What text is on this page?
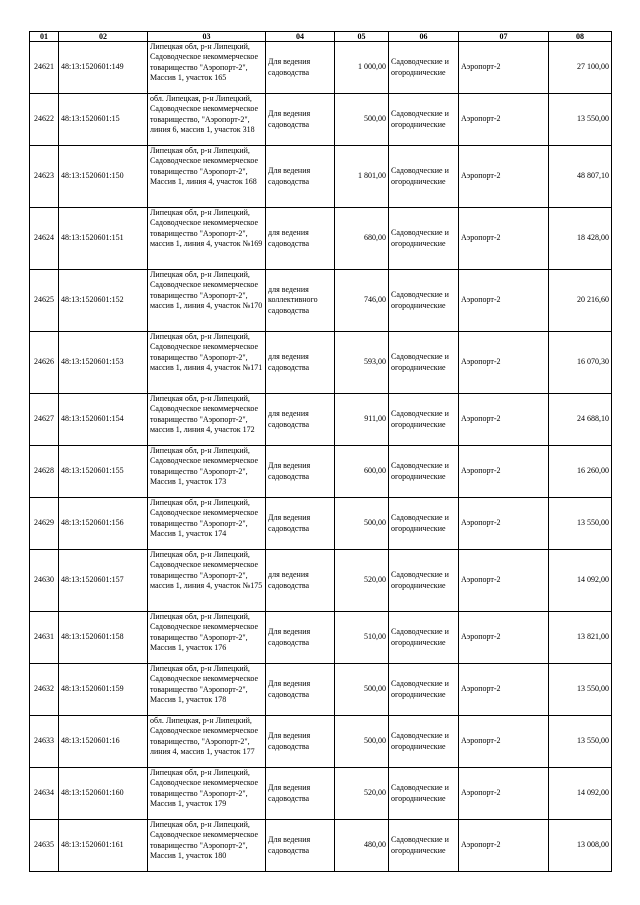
01	02	03	04	05	06	07	08
24621	48:13:1520601:149	Липецкая обл, р-н Липецкий, Садоводческое некоммерческое товарищество "Аэропорт-2", Массив 1, участок 165	Для ведения садоводства	1 000,00	Садоводческие и огороднические	Аэропорт-2	27 100,00
24622	48:13:1520601:15	обл. Липецкая, р-н Липецкий, Садоводческое некоммерческое товарищество, "Аэропорт-2", линия 6, массив 1, участок 318	Для ведения садоводства	500,00	Садоводческие и огороднические	Аэропорт-2	13 550,00
24623	48:13:1520601:150	Липецкая обл, р-н Липецкий, Садоводческое некоммерческое товарищество "Аэропорт-2", Массив 1, линия 4, участок 168	Для ведения садоводства	1 801,00	Садоводческие и огороднические	Аэропорт-2	48 807,10
24624	48:13:1520601:151	Липецкая обл, р-н Липецкий, Садоводческое некоммерческое товарищество "Аэропорт-2", массив 1, линия 4, участок №169	для ведения садоводства	680,00	Садоводческие и огороднические	Аэропорт-2	18 428,00
24625	48:13:1520601:152	Липецкая обл, р-н Липецкий, Садоводческое некоммерческое товарищество "Аэропорт-2", массив 1, линия 4, участок №170	для ведения коллективного садоводства	746,00	Садоводческие и огороднические	Аэропорт-2	20 216,60
24626	48:13:1520601:153	Липецкая обл, р-н Липецкий, Садоводческое некоммерческое товарищество "Аэропорт-2", массив 1, линия 4, участок №171	для ведения садоводства	593,00	Садоводческие и огороднические	Аэропорт-2	16 070,30
24627	48:13:1520601:154	Липецкая обл, р-н Липецкий, Садоводческое некоммерческое товарищество "Аэропорт-2", массив 1, линия 4, участок 172	для ведения садоводства	911,00	Садоводческие и огороднические	Аэропорт-2	24 688,10
24628	48:13:1520601:155	Липецкая обл, р-н Липецкий, Садоводческое некоммерческое товарищество "Аэропорт-2", Массив 1, участок 173	Для ведения садоводства	600,00	Садоводческие и огороднические	Аэропорт-2	16 260,00
24629	48:13:1520601:156	Липецкая обл, р-н Липецкий, Садоводческое некоммерческое товарищество "Аэропорт-2", Массив 1, участок 174	Для ведения садоводства	500,00	Садоводческие и огороднические	Аэропорт-2	13 550,00
24630	48:13:1520601:157	Липецкая обл, р-н Липецкий, Садоводческое некоммерческое товарищество "Аэропорт-2", массив 1, линия 4, участок №175	для ведения садоводства	520,00	Садоводческие и огороднические	Аэропорт-2	14 092,00
24631	48:13:1520601:158	Липецкая обл, р-н Липецкий, Садоводческое некоммерческое товарищество "Аэропорт-2", Массив 1, участок 176	Для ведения садоводства	510,00	Садоводческие и огороднические	Аэропорт-2	13 821,00
24632	48:13:1520601:159	Липецкая обл, р-н Липецкий, Садоводческое некоммерческое товарищество "Аэропорт-2", Массив 1, участок 178	Для ведения садоводства	500,00	Садоводческие и огороднические	Аэропорт-2	13 550,00
24633	48:13:1520601:16	обл. Липецкая, р-н Липецкий, Садоводческое некоммерческое товарищество, "Аэропорт-2", линия 4, массив 1, участок 177	Для ведения садоводства	500,00	Садоводческие и огороднические	Аэропорт-2	13 550,00
24634	48:13:1520601:160	Липецкая обл, р-н Липецкий, Садоводческое некоммерческое товарищество "Аэропорт-2", Массив 1, участок 179	Для ведения садоводства	520,00	Садоводческие и огороднические	Аэропорт-2	14 092,00
24635	48:13:1520601:161	Липецкая обл, р-н Липецкий, Садоводческое некоммерческое товарищество "Аэропорт-2", Массив 1, участок 180	Для ведения садоводства	480,00	Садоводческие и огороднические	Аэропорт-2	13 008,00
